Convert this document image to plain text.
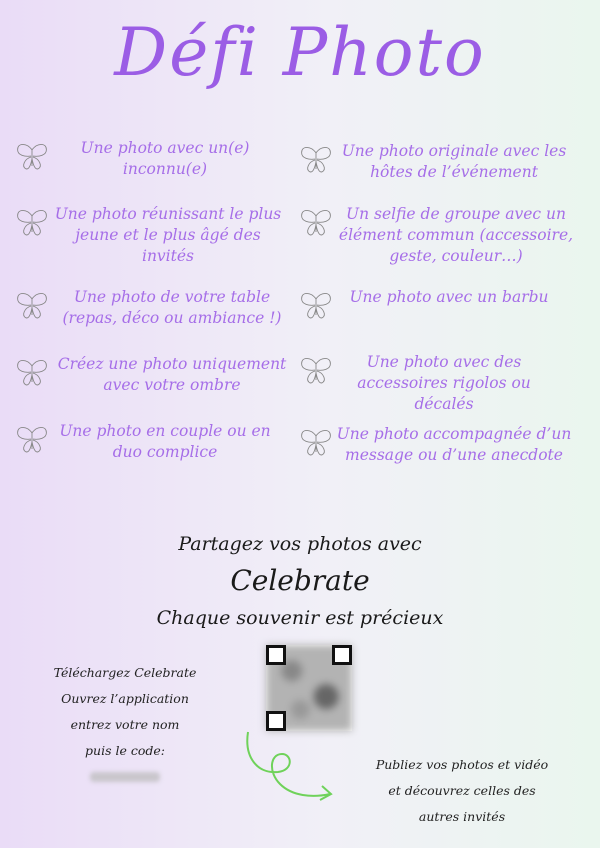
Défi Photo
Une photo avec un(e) inconnu(e)
Une photo réunissant le plus jeune et le plus âgé des invités
Une photo de votre table (repas, déco ou ambiance !)
Créez une photo uniquement avec votre ombre
Une photo en couple ou en duo complice
Une photo originale avec les hôtes de l’événement
Un selfie de groupe avec un élément commun (accessoire, geste, couleur…)
Une photo avec un barbu
Une photo avec des accessoires rigolos ou décalés
Une photo accompagnée d’un message ou d’une anecdote
Partagez vos photos avec
Celebrate
Chaque souvenir est précieux
Téléchargez Celebrate
Ouvrez l’application
entrez votre nom
puis le code:
Publiez vos photos et vidéo
et découvrez celles des
autres invités
